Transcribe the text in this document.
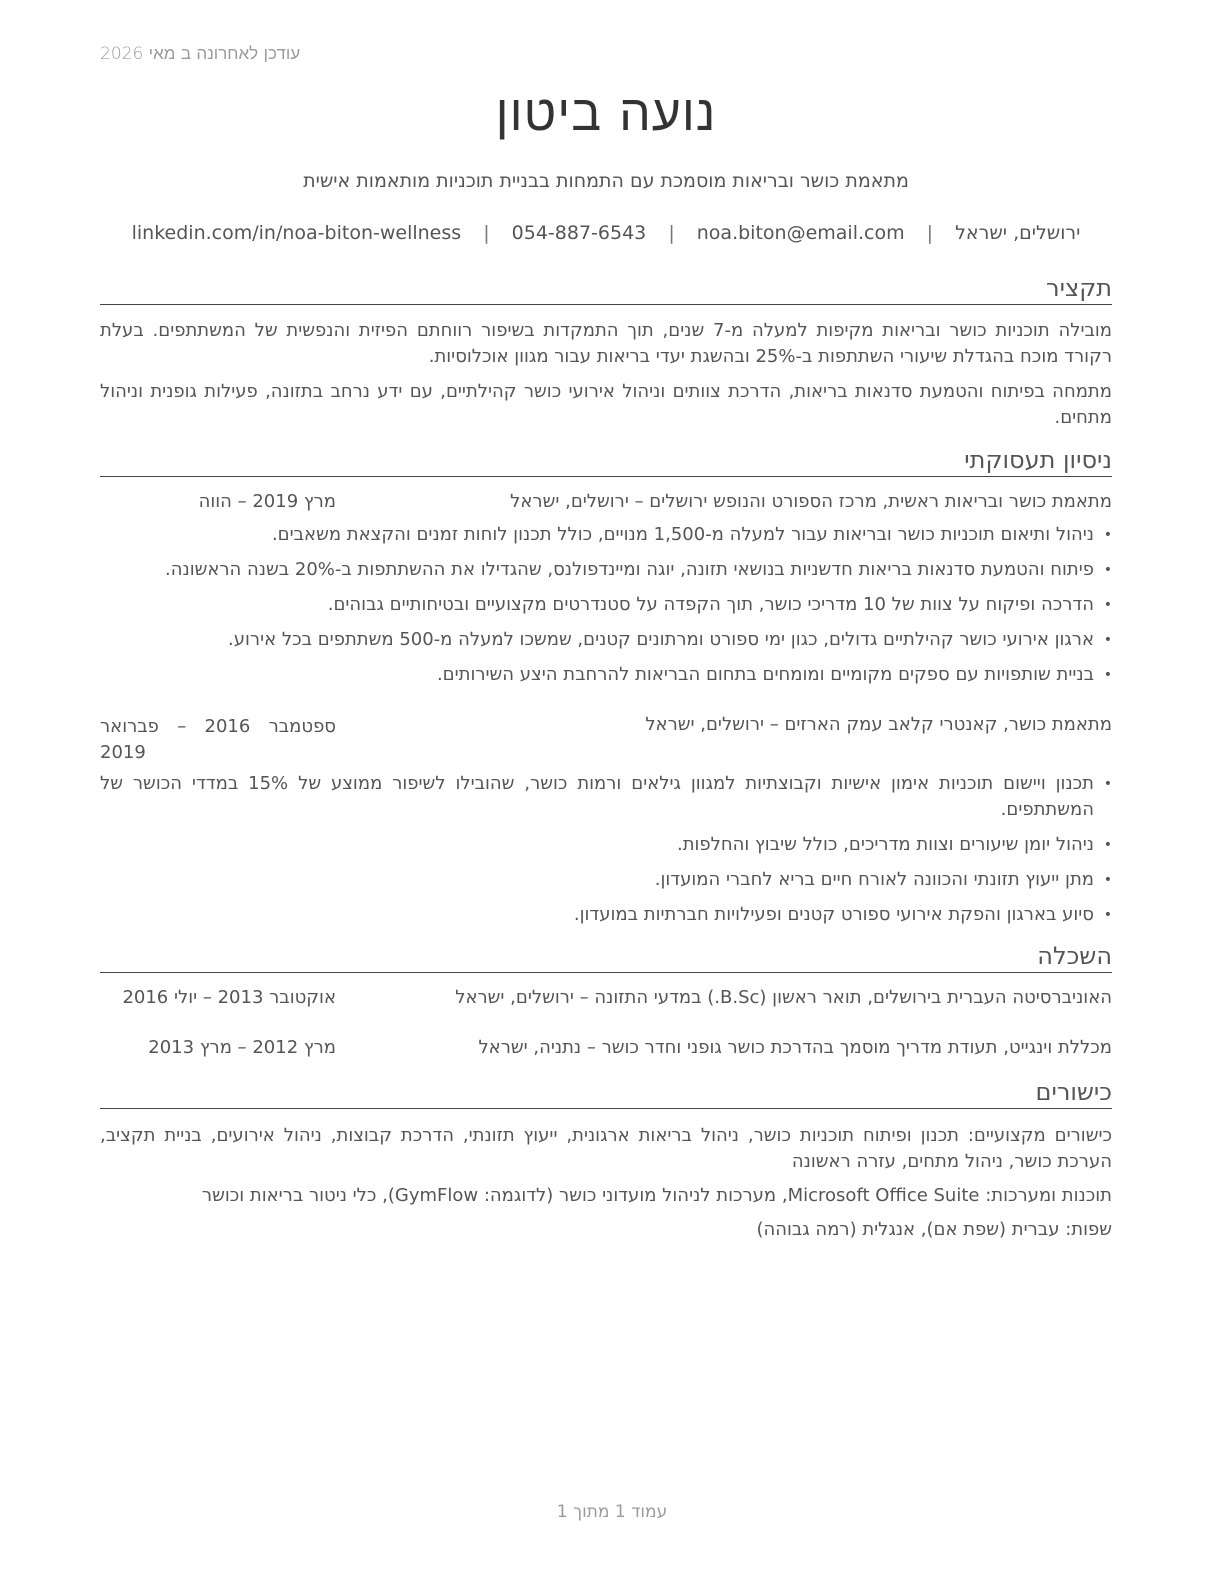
עודכן לאחרונה ב מאי 2026
נועה ביטון
מתאמת כושר ובריאות מוסמכת עם התמחות בבניית תוכניות מותאמות אישית
ירושלים, ישראל | noa.biton@email.com | 054-887-6543 | linkedin.com/in/noa-biton-wellness
תקציר
מובילה תוכניות כושר ובריאות מקיפות למעלה מ-7 שנים, תוך התמקדות בשיפור רווחתם הפיזית והנפשית של המשתתפים. בעלת רקורד מוכח בהגדלת שיעורי השתתפות ב-25% ובהשגת יעדי בריאות עבור מגוון אוכלוסיות.
מתמחה בפיתוח והטמעת סדנאות בריאות, הדרכת צוותים וניהול אירועי כושר קהילתיים, עם ידע נרחב בתזונה, פעילות גופנית וניהול מתחים.
ניסיון תעסוקתי
מתאמת כושר ובריאות ראשית, מרכז הספורט והנופש ירושלים – ירושלים, ישראל
מרץ 2019 – הווה
• ניהול ותיאום תוכניות כושר ובריאות עבור למעלה מ-1,500 מנויים, כולל תכנון לוחות זמנים והקצאת משאבים.
• פיתוח והטמעת סדנאות בריאות חדשניות בנושאי תזונה, יוגה ומיינדפולנס, שהגדילו את ההשתתפות ב-20% בשנה הראשונה.
• הדרכה ופיקוח על צוות של 10 מדריכי כושר, תוך הקפדה על סטנדרטים מקצועיים ובטיחותיים גבוהים.
• ארגון אירועי כושר קהילתיים גדולים, כגון ימי ספורט ומרתונים קטנים, שמשכו למעלה מ-500 משתתפים בכל אירוע.
• בניית שותפויות עם ספקים מקומיים ומומחים בתחום הבריאות להרחבת היצע השירותים.
מתאמת כושר, קאנטרי קלאב עמק הארזים – ירושלים, ישראל
ספטמבר 2016 – פברואר
2019
• תכנון ויישום תוכניות אימון אישיות וקבוצתיות למגוון גילאים ורמות כושר, שהובילו לשיפור ממוצע של 15% במדדי הכושר של המשתתפים.
• ניהול יומן שיעורים וצוות מדריכים, כולל שיבוץ והחלפות.
• מתן ייעוץ תזונתי והכוונה לאורח חיים בריא לחברי המועדון.
• סיוע בארגון והפקת אירועי ספורט קטנים ופעילויות חברתיות במועדון.
השכלה
האוניברסיטה העברית בירושלים, תואר ראשון (B.Sc.) במדעי התזונה – ירושלים, ישראל
אוקטובר 2013 – יולי 2016
מכללת וינגייט, תעודת מדריך מוסמך בהדרכת כושר גופני וחדר כושר – נתניה, ישראל
מרץ 2012 – מרץ 2013
כישורים
כישורים מקצועיים: תכנון ופיתוח תוכניות כושר, ניהול בריאות ארגונית, ייעוץ תזונתי, הדרכת קבוצות, ניהול אירועים, בניית תקציב, הערכת כושר, ניהול מתחים, עזרה ראשונה
תוכנות ומערכות: Microsoft Office Suite, מערכות לניהול מועדוני כושר (לדוגמה: GymFlow), כלי ניטור בריאות וכושר
שפות: עברית (שפת אם), אנגלית (רמה גבוהה)
עמוד 1 מתוך 1
